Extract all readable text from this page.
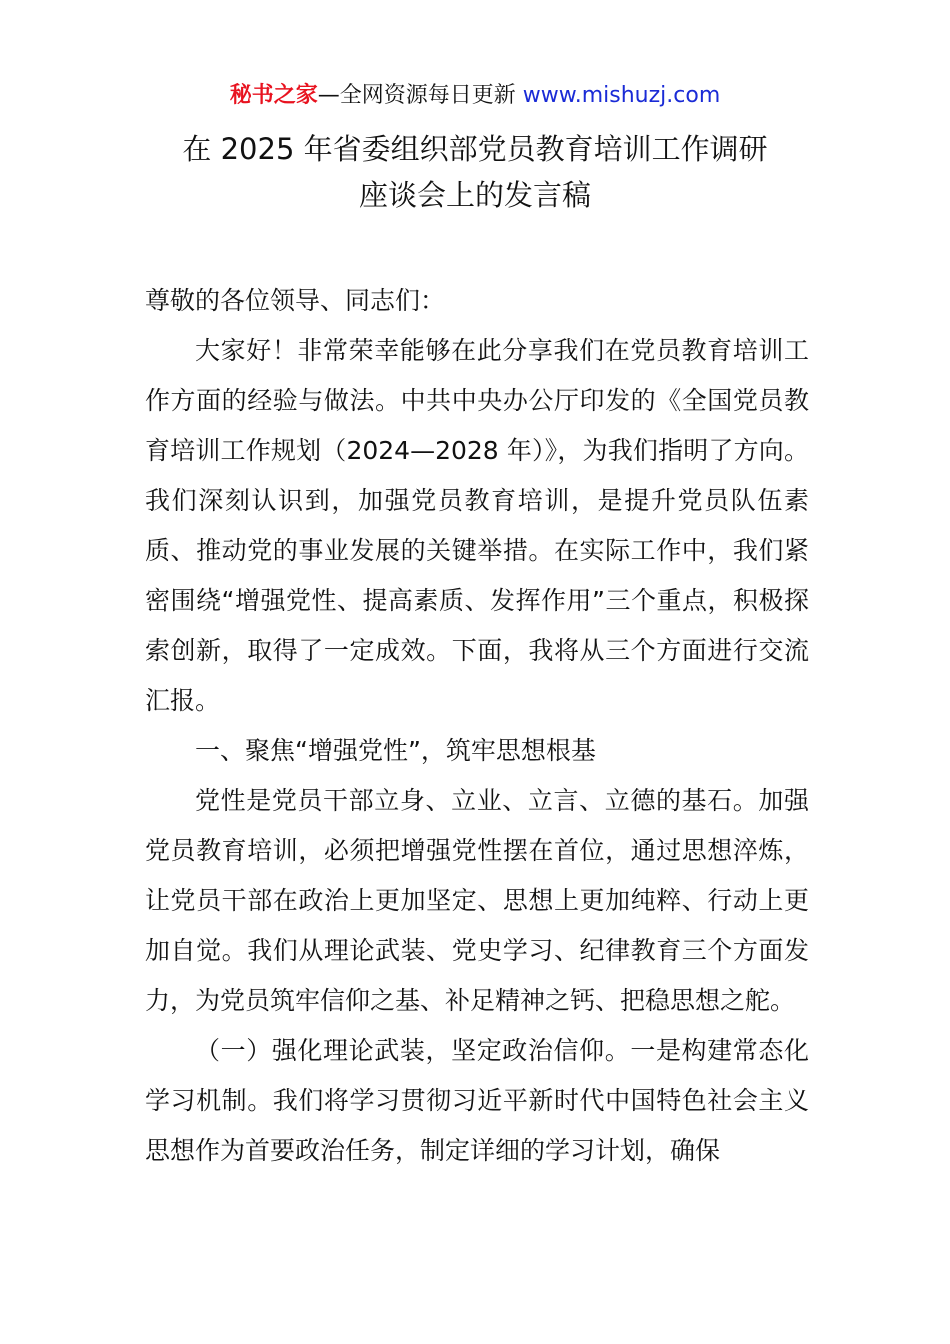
秘书之家—全网资源每日更新 www.mishuzj.com
在 2025 年省委组织部党员教育培训工作调研
座谈会上的发言稿

尊敬的各位领导、同志们：

大家好！非常荣幸能够在此分享我们在党员教育培训工作方面的经验与做法。中共中央办公厅印发的《全国党员教育培训工作规划（2024—2028 年）》，为我们指明了方向。我们深刻认识到，加强党员教育培训，是提升党员队伍素质、推动党的事业发展的关键举措。在实际工作中，我们紧密围绕“增强党性、提高素质、发挥作用”三个重点，积极探索创新，取得了一定成效。下面，我将从三个方面进行交流汇报。

一、聚焦“增强党性”，筑牢思想根基

党性是党员干部立身、立业、立言、立德的基石。加强党员教育培训，必须把增强党性摆在首位，通过思想淬炼，让党员干部在政治上更加坚定、思想上更加纯粹、行动上更加自觉。我们从理论武装、党史学习、纪律教育三个方面发力，为党员筑牢信仰之基、补足精神之钙、把稳思想之舵。

（一）强化理论武装，坚定政治信仰。一是构建常态化学习机制。我们将学习贯彻习近平新时代中国特色社会主义思想作为首要政治任务，制定详细的学习计划，确保
